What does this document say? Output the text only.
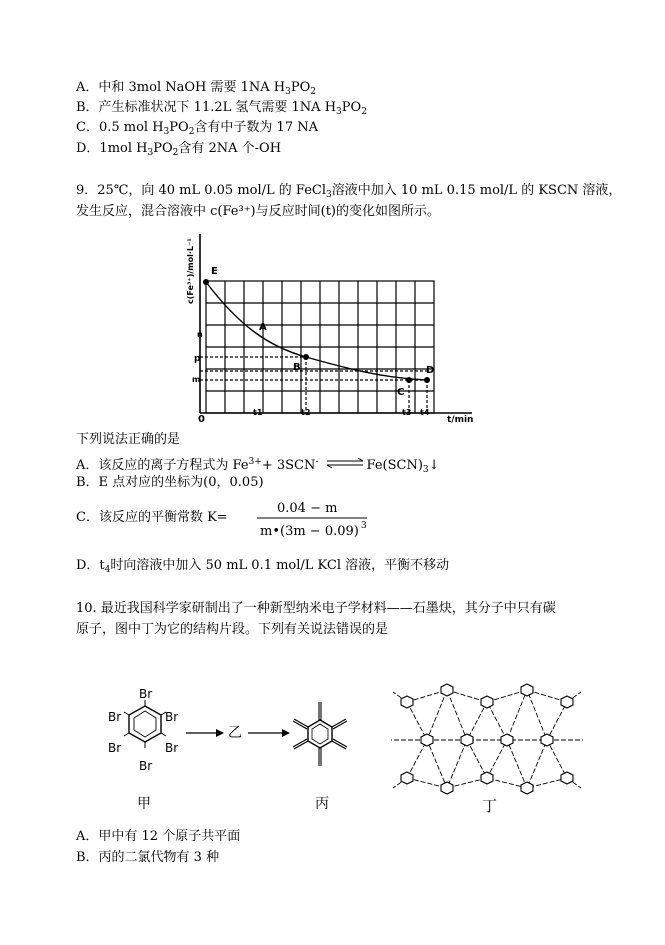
A．中和 3mol NaOH 需要 1NA $H_3PO_2$
B．产生标准状况下 11.2L 氢气需要 1NA $H_3PO_2$
C．0.5 mol $H_3PO_2$含有中子数为 17 NA
D．1mol $H_3PO_2$含有 2NA 个-OH
9．25℃，向 40 mL 0.05 mol/L 的 FeCl$_3$溶液中加入 10 mL 0.15 mol/L 的 KSCN 溶液，
发生反应，混合溶液中 c(Fe³⁺)与反应时间(t)的变化如图所示。
c(Fe³⁺)/mol·L⁻¹
t/min
0
n
p
m
t1	t2	t3 t4
E
A
B
C
D
下列说法正确的是
A．该反应的离子方程式为 $Fe^{3+}+ 3SCN^-$ ⇌ $Fe(SCN)_3↓$
B．E 点对应的坐标为(0，0.05)
C．该反应的平衡常数 K=
0.04 − m
m•(3m − 0.09) 3
D．$t_4$时向溶液中加入 50 mL 0.1 mol/L KCl 溶液，平衡不移动
10. 最近我国科学家研制出了一种新型纳米电子学材料——石墨炔，其分子中只有碳
原子，图中丁为它的结构片段。下列有关说法错误的是
Br
Br	Br
Br	Br
Br
乙
甲	丙	丁
A．甲中有 12 个原子共平面
B．丙的二氯代物有 3 种
